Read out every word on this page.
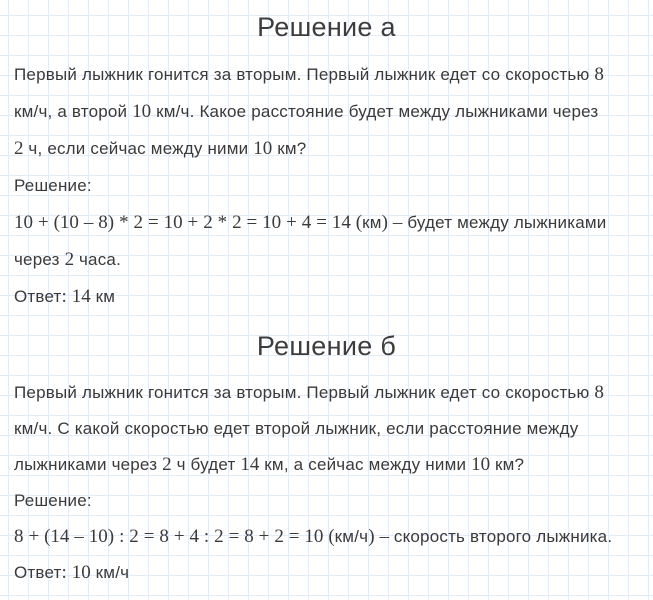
Решение а
Первый лыжник гонится за вторым. Первый лыжник едет со скоростью 8
км/ч, а второй 10 км/ч. Какое расстояние будет между лыжниками через
2 ч, если сейчас между ними 10 км?
Решение:
10 + (10 – 8) * 2 = 10 + 2 * 2 = 10 + 4 = 14 (км) – будет между лыжниками
через 2 часа.
Ответ: 14 км
Решение б
Первый лыжник гонится за вторым. Первый лыжник едет со скоростью 8
км/ч. С какой скоростью едет второй лыжник, если расстояние между
лыжниками через 2 ч будет 14 км, а сейчас между ними 10 км?
Решение:
8 + (14 – 10) : 2 = 8 + 4 : 2 = 8 + 2 = 10 (км/ч) – скорость второго лыжника.
Ответ: 10 км/ч
